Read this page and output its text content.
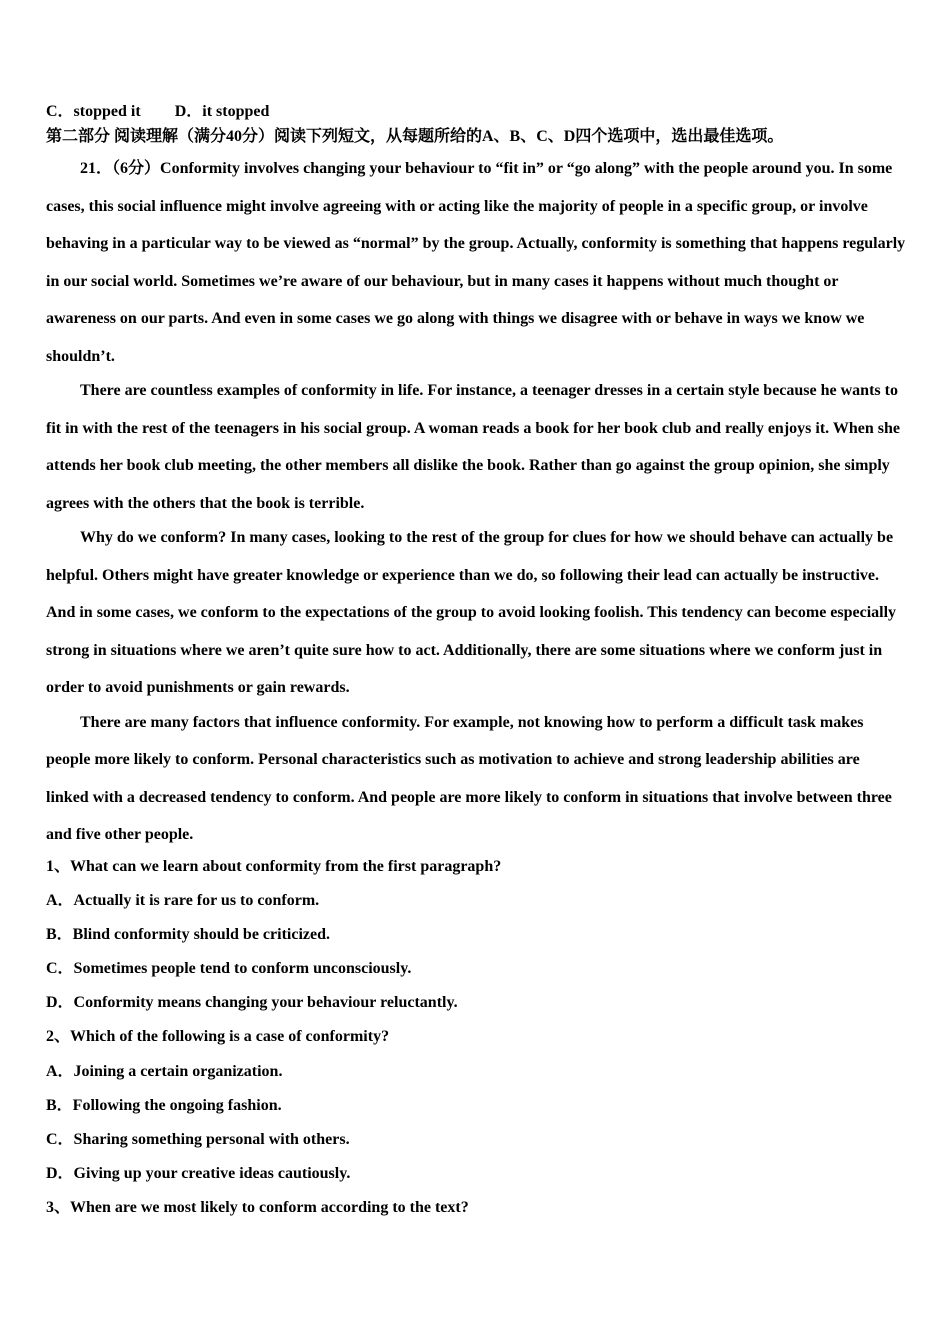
C．stopped it D．it stopped
第二部分 阅读理解（满分40分）阅读下列短文，从每题所给的A、B、C、D四个选项中，选出最佳选项。

21．（6分）Conformity involves changing your behaviour to “fit in” or “go along” with the people around you. In some cases, this social influence might involve agreeing with or acting like the majority of people in a specific group, or involve behaving in a particular way to be viewed as “normal” by the group. Actually, conformity is something that happens regularly in our social world. Sometimes we’re aware of our behaviour, but in many cases it happens without much thought or awareness on our parts. And even in some cases we go along with things we disagree with or behave in ways we know we shouldn’t.

There are countless examples of conformity in life. For instance, a teenager dresses in a certain style because he wants to fit in with the rest of the teenagers in his social group. A woman reads a book for her book club and really enjoys it. When she attends her book club meeting, the other members all dislike the book. Rather than go against the group opinion, she simply agrees with the others that the book is terrible.

Why do we conform? In many cases, looking to the rest of the group for clues for how we should behave can actually be helpful. Others might have greater knowledge or experience than we do, so following their lead can actually be instructive. And in some cases, we conform to the expectations of the group to avoid looking foolish. This tendency can become especially strong in situations where we aren’t quite sure how to act. Additionally, there are some situations where we conform just in order to avoid punishments or gain rewards.

There are many factors that influence conformity. For example, not knowing how to perform a difficult task makes people more likely to conform. Personal characteristics such as motivation to achieve and strong leadership abilities are linked with a decreased tendency to conform. And people are more likely to conform in situations that involve between three and five other people.

1、What can we learn about conformity from the first paragraph?
A．Actually it is rare for us to conform.
B．Blind conformity should be criticized.
C．Sometimes people tend to conform unconsciously.
D．Conformity means changing your behaviour reluctantly.
2、Which of the following is a case of conformity?
A．Joining a certain organization.
B．Following the ongoing fashion.
C．Sharing something personal with others.
D．Giving up your creative ideas cautiously.
3、When are we most likely to conform according to the text?
